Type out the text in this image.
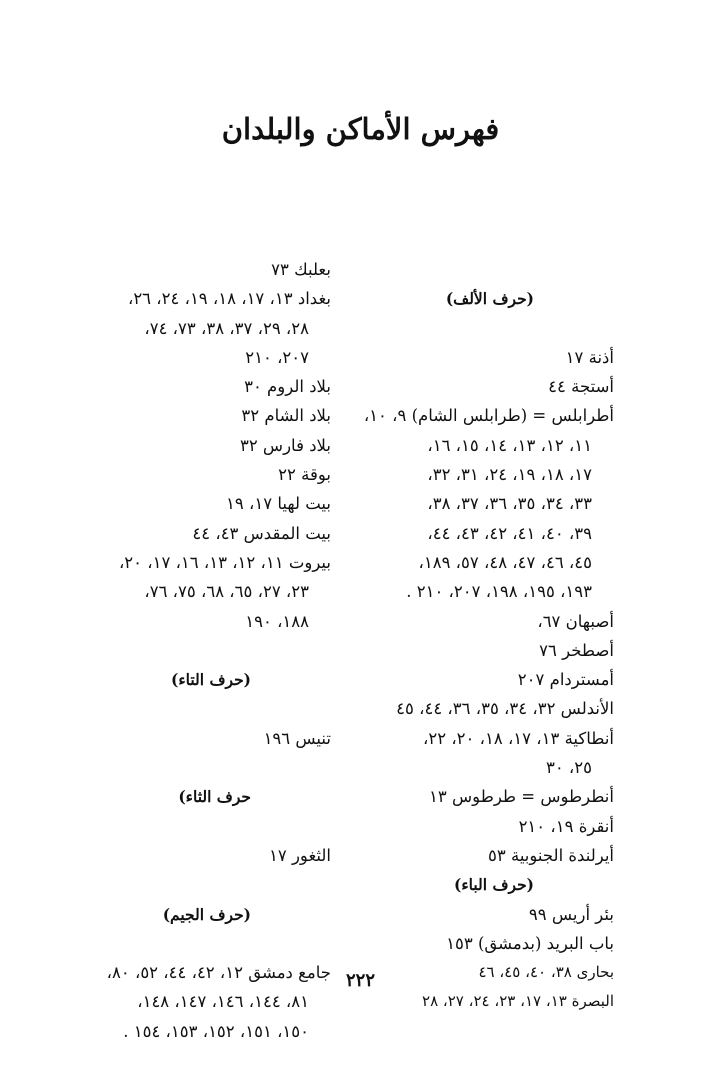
فهرس الأماكن والبلدان
(حرف الألف)
أذنة ١٧
أستجة ٤٤
أطرابلس = (طرابلس الشام) ٩، ١٠،
١١، ١٢، ١٣، ١٤، ١٥، ١٦،
١٧، ١٨، ١٩، ٢٤، ٣١، ٣٢،
٣٣، ٣٤، ٣٥، ٣٦، ٣٧، ٣٨،
٣٩، ٤٠، ٤١، ٤٢، ٤٣، ٤٤،
٤٥، ٤٦، ٤٧، ٤٨، ٥٧، ١٨٩،
١٩٣، ١٩٥، ١٩٨، ٢٠٧، ٢١٠ .
أصبهان ٦٧،
أصطخر ٧٦
أمستردام ٢٠٧
الأندلس ٣٢، ٣٤، ٣٥، ٣٦، ٤٤، ٤٥
أنطاكية ١٣، ١٧، ١٨، ٢٠، ٢٢،
٢٥، ٣٠
أنطرطوس = طرطوس ١٣
أنقرة ١٩، ٢١٠
أيرلندة الجنوبية ٥٣
(حرف الباء)
بئر أريس ٩٩
باب البريد (بدمشق) ١٥٣
بحارى ٣٨، ٤٠، ٤٥، ٤٦
البصرة ١٣، ١٧، ٢٣، ٢٤، ٢٧، ٢٨
بعلبك ٧٣
بغداد ١٣، ١٧، ١٨، ١٩، ٢٤، ٢٦،
٢٨، ٢٩، ٣٧، ٣٨، ٧٣، ٧٤،
٢٠٧، ٢١٠
بلاد الروم ٣٠
بلاد الشام ٣٢
بلاد فارس ٣٢
بوقة ٢٢
بيت لهيا ١٧، ١٩
بيت المقدس ٤٣، ٤٤
بيروت ١١، ١٢، ١٣، ١٦، ١٧، ٢٠،
٢٣، ٢٧، ٦٥، ٦٨، ٧٥، ٧٦،
١٨٨، ١٩٠
(حرف التاء)
تنيس ١٩٦
حرف الثاء)
الثغور ١٧
(حرف الجيم)
جامع دمشق ١٢، ٤٢، ٤٤، ٥٢، ٨٠،
٨١، ١٤٤، ١٤٦، ١٤٧، ١٤٨،
١٥٠، ١٥١، ١٥٢، ١٥٣، ١٥٤ .
٢٢٢
